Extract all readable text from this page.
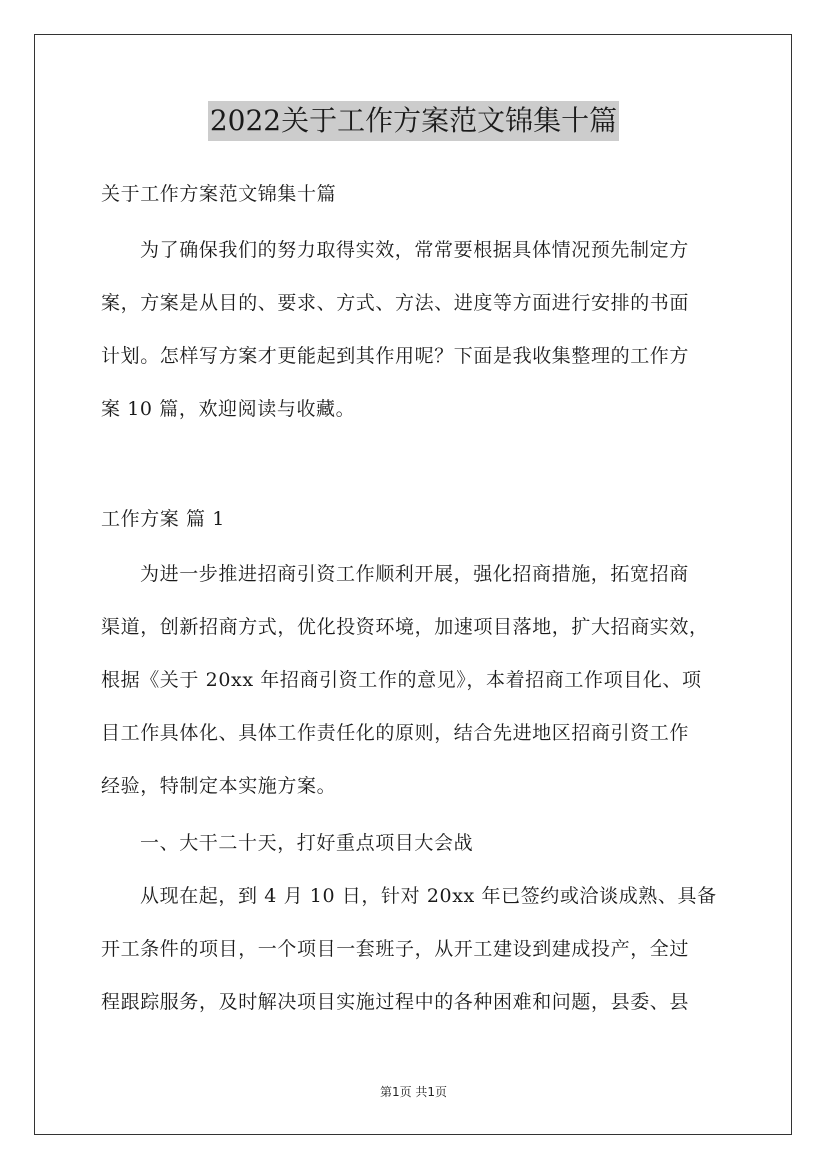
2022关于工作方案范文锦集十篇

关于工作方案范文锦集十篇

为了确保我们的努力取得实效，常常要根据具体情况预先制定方

案，方案是从目的、要求、方式、方法、进度等方面进行安排的书面

计划。怎样写方案才更能起到其作用呢？下面是我收集整理的工作方

案 10 篇，欢迎阅读与收藏。

工作方案 篇 1

为进一步推进招商引资工作顺利开展，强化招商措施，拓宽招商

渠道，创新招商方式，优化投资环境，加速项目落地，扩大招商实效，

根据《关于 20xx 年招商引资工作的意见》，本着招商工作项目化、项

目工作具体化、具体工作责任化的原则，结合先进地区招商引资工作

经验，特制定本实施方案。

一、大干二十天，打好重点项目大会战

从现在起，到 4 月 10 日，针对 20xx 年已签约或洽谈成熟、具备

开工条件的项目，一个项目一套班子，从开工建设到建成投产，全过

程跟踪服务，及时解决项目实施过程中的各种困难和问题，县委、县

第1页 共1页
